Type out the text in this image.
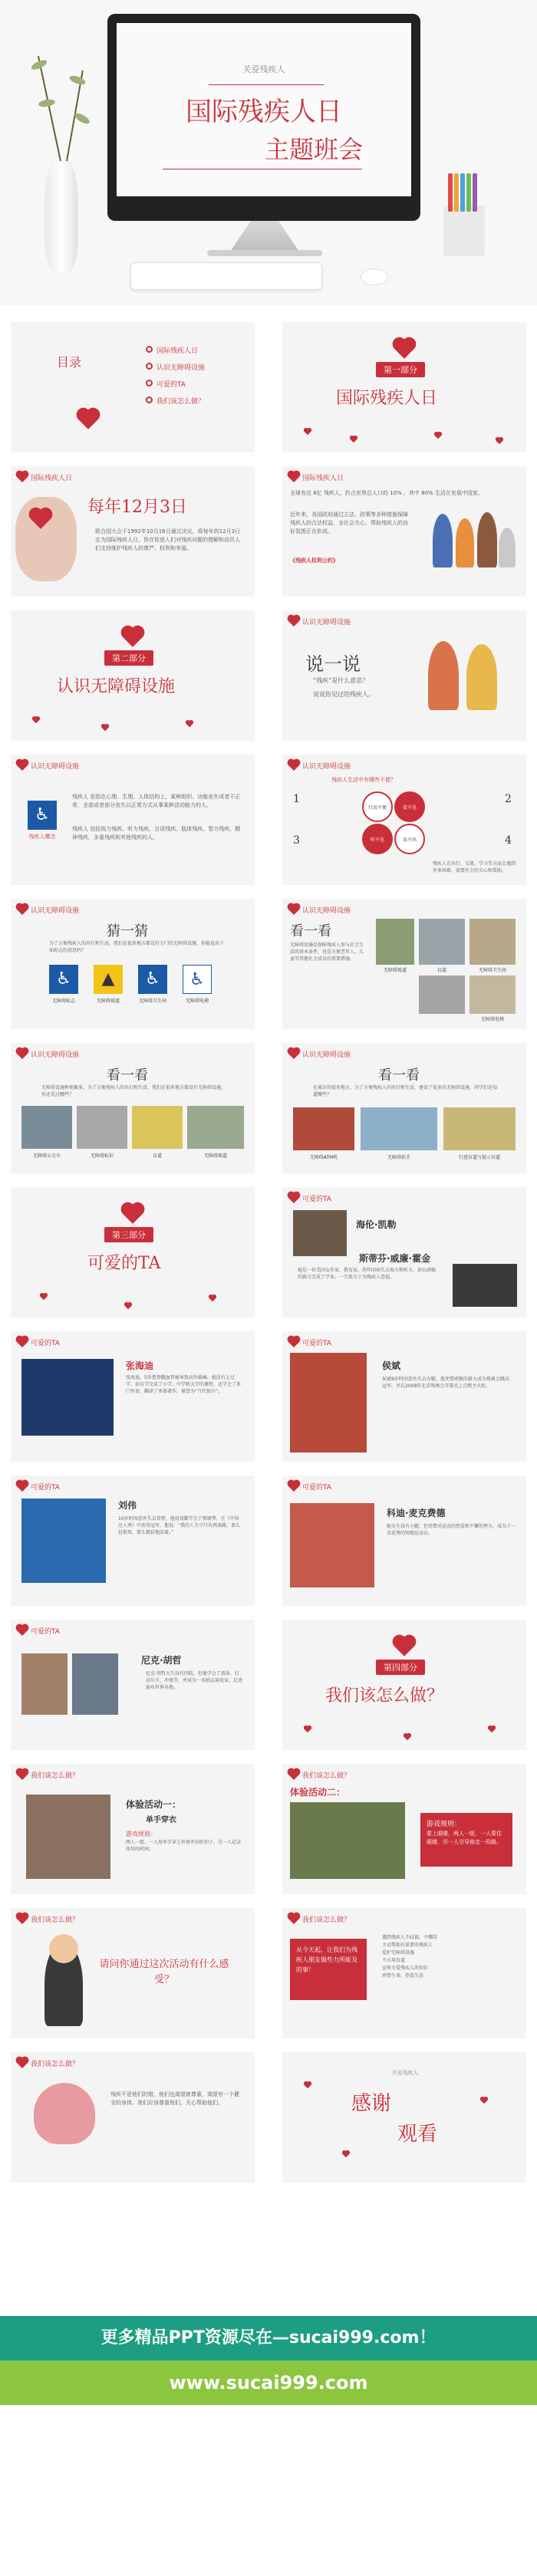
关爱残疾人
国际残疾人日
主题班会
目录
国际残疾人日
认识无障碍设施
可爱的TA
我们该怎么做？
第一部分
国际残疾人日
国际残疾人日
每年12月3日
联合国大会于1992年10月16日通过决议，将每年的12月3日定为国际残疾人日，旨在促进人们对残疾问题的理解和动员人们支持维护残疾人的尊严、权利和幸福。
国际残疾人日
全球有近 8亿 残疾人，约占世界总人口的 10% ，其中 80% 生活在发展中国家。
近年来，各国政府通过立法、政策等多种措施保障残疾人的合法权益，全社会关心、帮助残疾人的良好氛围正在形成。
《残疾人权利公约》
第二部分
认识无障碍设施
认识无障碍设施
说一说
“残疾”是什么意思？
说说你见过的残疾人。
认识无障碍设施
♿
残疾人概念
残疾人 是指在心理、生理、人体结构上，某种组织、功能丧失或者不正常，全部或者部分丧失以正常方式从事某种活动能力的人。
残疾人 包括视力残疾、听力残疾、言语残疾、肢体残疾、智力残疾、精神残疾、多重残疾和其他残疾的人。
认识无障碍设施
残疾人生活中有哪些不便？
行动不便	看不见
听不见	说不出
1	2
3	4
残疾人在出行、交流、学习等方面会遇到许多困难，需要社会的关心和帮助。
认识无障碍设施
猜一猜
为了方便残疾人的出行和生活，我们在很多地方都设有专门的无障碍设施，你能说出下面标志的意思吗？
♿	▲	♿	♿
无障碍标志	无障碍坡道	无障碍卫生间	无障碍电梯
认识无障碍设施
看一看
无障碍设施是保障残疾人参与社会生活的基本条件，也是方便老年人、儿童等其他社会成员的重要措施。
无障碍坡道	盲道	无障碍卫生间
无障碍电梯
认识无障碍设施
看一看
无障碍设施种类繁多，为了方便残疾人的出行和生活，我们在很多地方都设有无障碍设施，你还见过哪些？
无障碍公交车	无障碍标识	盲道	无障碍坡道
认识无障碍设施
看一看
在城市的很多地方，为了方便残疾人的出行和生活，建设了很多的无障碍设施，同学们还知道哪些？
无障碍ATM机	无障碍扶手	行进盲道与提示盲道
第三部分
可爱的TA
可爱的TA
海伦·凯勒
她是一位美国女作家、教育家，幼年因病失去视力和听力，却以顽强的毅力完成了学业，一生致力于为残疾人造福。
斯蒂芬·威廉·霍金
可爱的TA
张海迪
张海迪，5岁患脊髓血管瘤导致高位截瘫。她没有上过学，却自学完成了小学、中学和大学的课程，还学会了多门外语，翻译了多部著作，被誉为“当代保尔”。
可爱的TA
侯斌
侯斌9岁时因意外失去左腿，他凭借顽强的毅力成为残奥会跳高冠军，并在2008年北京残奥会开幕式上点燃主火炬。
可爱的TA
刘伟
10岁时因意外失去双臂，他用双脚学会了弹钢琴，在《中国达人秀》中获得冠军，他说：“我的人生中只有两条路，要么赶紧死，要么精彩地活着。”
可爱的TA
科迪·麦克费德
她天生没有小腿，但凭借对运动的热爱和不懈的努力，成为了一名优秀的短跑运动员。
可爱的TA
尼克·胡哲
尼克·胡哲天生没有四肢，但他学会了游泳、打高尔夫、冲浪等，并成为一名励志演说家，足迹遍布世界各地。
第四部分
我们该怎么做？
我们该怎么做？
体验活动一：
单手穿衣
游戏规则：
两人一组，一人用单手穿上外套并扣好扣子，另一人记录所用的时间。
我们该怎么做？
体验活动二：
游戏规则：
蒙上眼睛，两人一组，一人蒙住眼睛，另一人引导他走一段路。
我们该怎么做？
请问你通过这次活动有什么感受？
我们该怎么做？
从今天起，让我们为残疾人朋友做些力所能及的事！
遇到残疾人不歧视、不嘲笑
主动帮助有需要的残疾人
爱护无障碍设施
不占用盲道
宣传关爱残疾人的知识
珍惜生命，热爱生活
我们该怎么做？
残疾不是他们的错，他们也渴望被尊重，渴望有一个健全的身体。我们应该尊重他们，关心帮助他们。
关爱残疾人
感谢
观看
更多精品PPT资源尽在—sucai999.com！
www.sucai999.com
